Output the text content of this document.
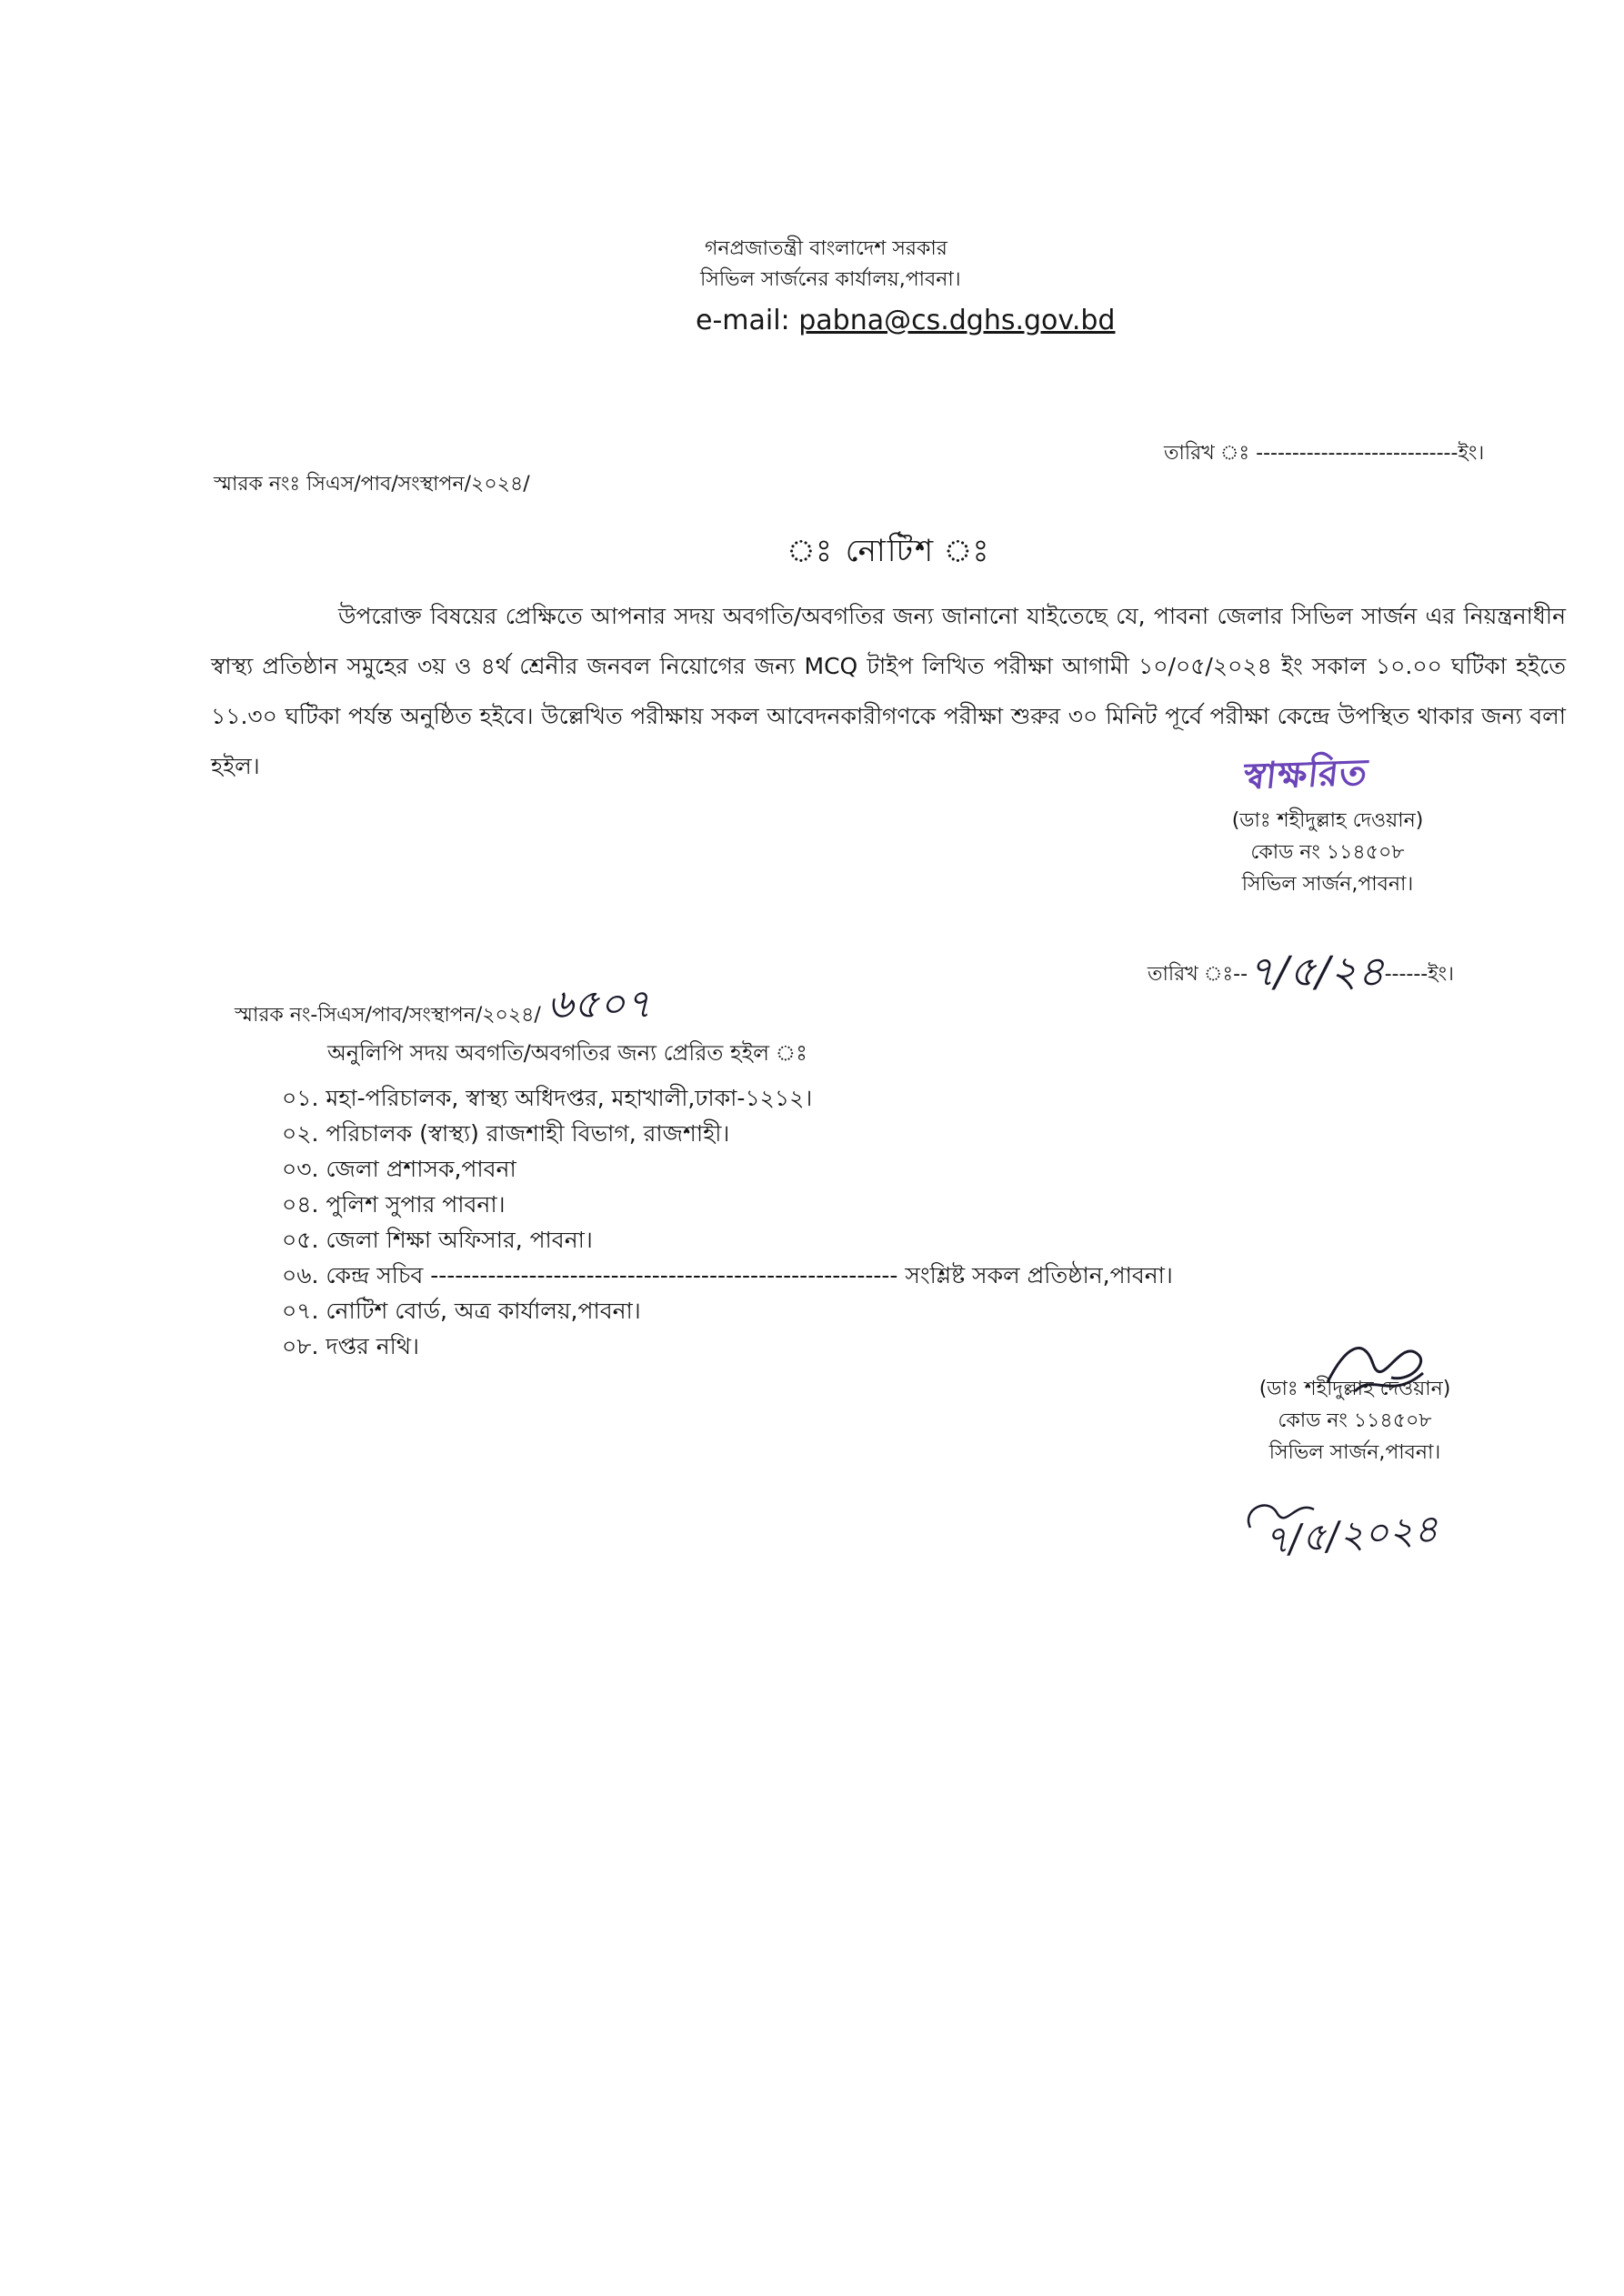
গনপ্রজাতন্ত্রী বাংলাদেশ সরকার
সিভিল সার্জনের কার্যালয়,পাবনা।
e-mail: pabna@cs.dghs.gov.bd
তারিখ ঃ ----------------------------ইং।
স্মারক নংঃ সিএস/পাব/সংস্থাপন/২০২৪/
ঃ নোটিশ ঃ

উপরোক্ত বিষয়ের প্রেক্ষিতে আপনার সদয় অবগতি/অবগতির জন্য জানানো যাইতেছে যে, পাবনা জেলার সিভিল সার্জন এর নিয়ন্ত্রনাধীন স্বাস্থ্য প্রতিষ্ঠান সমুহের ৩য় ও ৪র্থ শ্রেনীর জনবল নিয়োগের জন্য MCQ টাইপ লিখিত পরীক্ষা আগামী ১০/০৫/২০২৪ ইং সকাল ১০.০০ ঘটিকা হইতে ১১.৩০ ঘটিকা পর্যন্ত অনুষ্ঠিত হইবে। উল্লেখিত পরীক্ষায় সকল আবেদনকারীগণকে পরীক্ষা শুরুর ৩০ মিনিট পূর্বে পরীক্ষা কেন্দ্রে উপস্থিত থাকার জন্য বলা হইল।	স্বাক্ষরিত
(ডাঃ শহীদুল্লাহ দেওয়ান)
কোড নং ১১৪৫০৮
সিভিল সার্জন,পাবনা।
তারিখ ঃ--৭/৫/২৪------ইং।
স্মারক নং-সিএস/পাব/সংস্থাপন/২০২৪/ ৬৫০৭
অনুলিপি সদয় অবগতি/অবগতির জন্য প্রেরিত হইল ঃ
০১. মহা-পরিচালক, স্বাস্থ্য অধিদপ্তর, মহাখালী,ঢাকা-১২১২।
০২. পরিচালক (স্বাস্থ্য) রাজশাহী বিভাগ, রাজশাহী।
০৩. জেলা প্রশাসক,পাবনা
০৪. পুলিশ সুপার পাবনা।
০৫. জেলা শিক্ষা অফিসার, পাবনা।
০৬. কেন্দ্র সচিব --------------------------------------------------------- সংশ্লিষ্ট সকল প্রতিষ্ঠান,পাবনা।
০৭. নোটিশ বোর্ড, অত্র কার্যালয়,পাবনা।
০৮. দপ্তর নথি।
(ডাঃ শহীদুল্লাহ দেওয়ান)
কোড নং ১১৪৫০৮
সিভিল সার্জন,পাবনা।
৭/৫/২০২৪
